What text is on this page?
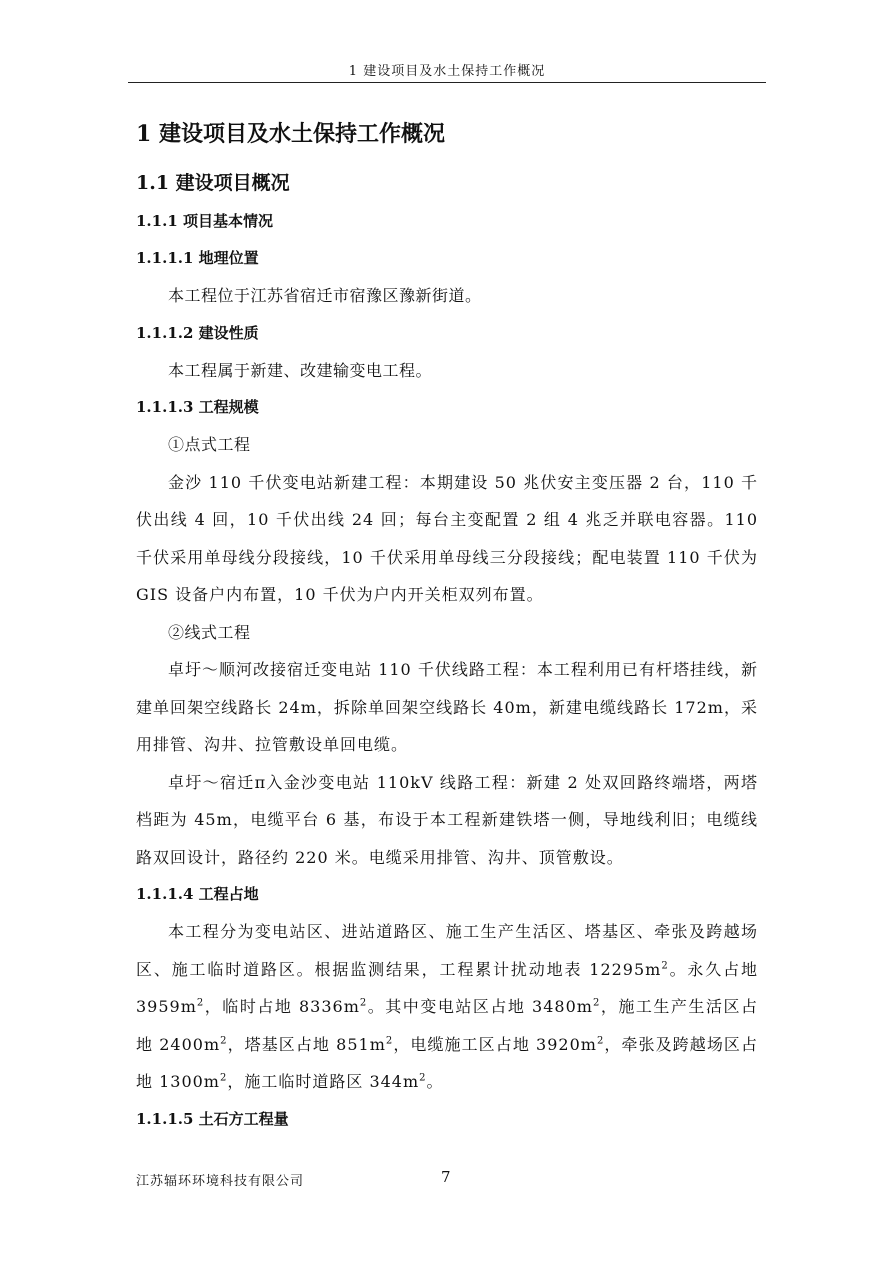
1 建设项目及水土保持工作概况
1 建设项目及水土保持工作概况
1.1 建设项目概况
1.1.1 项目基本情况
1.1.1.1 地理位置

本工程位于江苏省宿迁市宿豫区豫新街道。

1.1.1.2 建设性质

本工程属于新建、改建输变电工程。

1.1.1.3 工程规模

①点式工程

金沙 110 千伏变电站新建工程：本期建设 50 兆伏安主变压器 2 台，110 千伏出线 4 回，10 千伏出线 24 回；每台主变配置 2 组 4 兆乏并联电容器。110 千伏采用单母线分段接线，10 千伏采用单母线三分段接线；配电装置 110 千伏为 GIS 设备户内布置，10 千伏为户内开关柜双列布置。

②线式工程

卓圩～顺河改接宿迁变电站 110 千伏线路工程：本工程利用已有杆塔挂线，新建单回架空线路长 24m，拆除单回架空线路长 40m，新建电缆线路长 172m，采用排管、沟井、拉管敷设单回电缆。

卓圩～宿迁π入金沙变电站 110kV 线路工程：新建 2 处双回路终端塔，两塔档距为 45m，电缆平台 6 基，布设于本工程新建铁塔一侧，导地线利旧；电缆线路双回设计，路径约 220 米。电缆采用排管、沟井、顶管敷设。

1.1.1.4 工程占地

本工程分为变电站区、进站道路区、施工生产生活区、塔基区、牵张及跨越场区、施工临时道路区。根据监测结果，工程累计扰动地表 $12295m^2$。永久占地 $3959m^2$，临时占地 $8336m^2$。其中变电站区占地 $3480m^2$，施工生产生活区占地 $2400m^2$，塔基区占地 $851m^2$，电缆施工区占地 $3920m^2$，牵张及跨越场区占地 $1300m^2$，施工临时道路区 $344m^2$。

1.1.1.5 土石方工程量
江苏辐环环境科技有限公司	7
